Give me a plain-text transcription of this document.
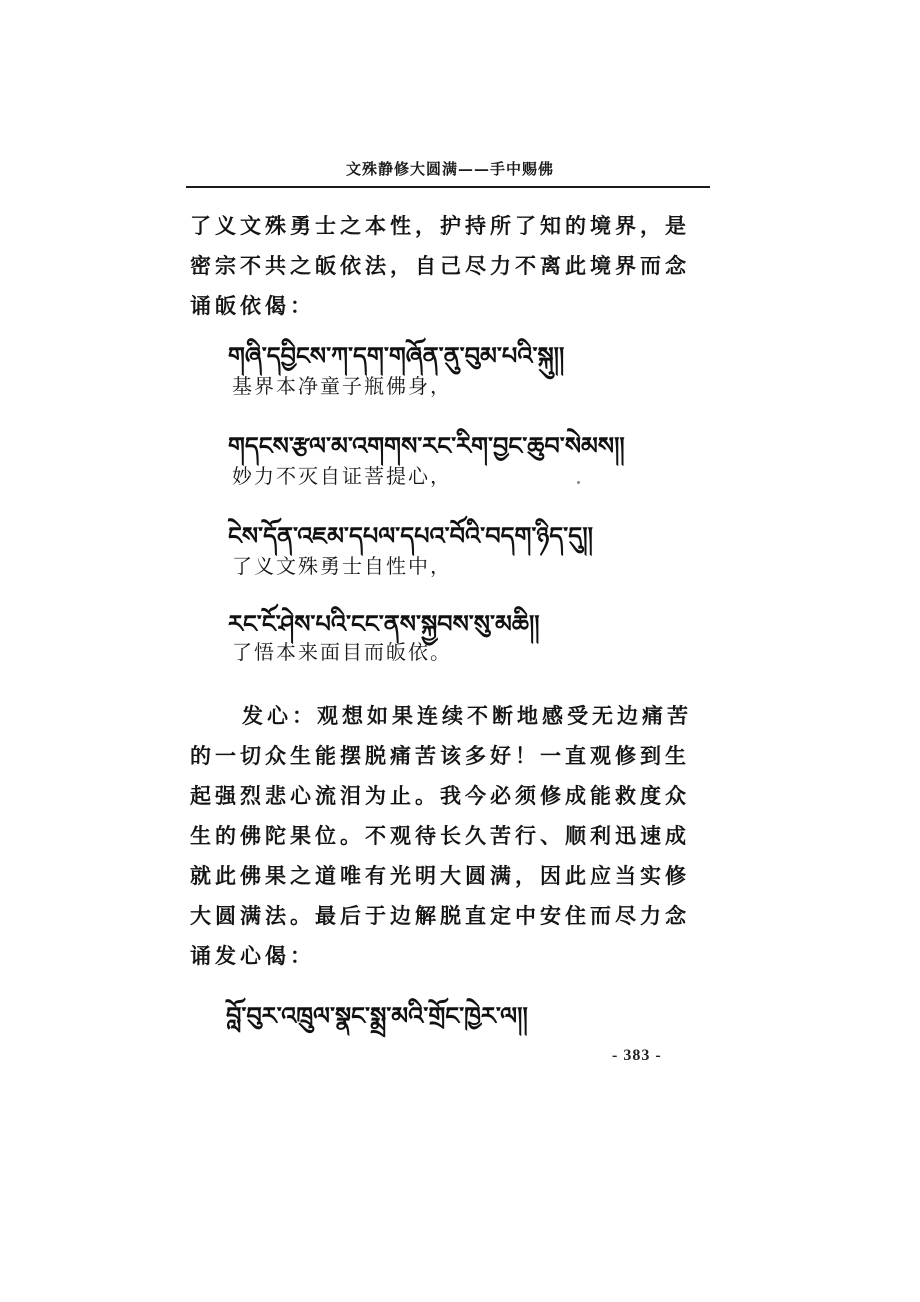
文殊静修大圆满——手中赐佛

了义文殊勇士之本性，护持所了知的境界，是密宗不共之皈依法，自己尽力不离此境界而念诵皈依偈：

གཞི་དབྱིངས་ཀ་དག་གཞོན་ནུ་བུམ་པའི་སྐུ།།
基界本净童子瓶佛身，
གདངས་རྩལ་མ་འགགས་རང་རིག་བྱང་ཆུབ་སེམས།།
妙力不灭自证菩提心，
ངེས་དོན་འཇམ་དཔལ་དཔའ་བོའི་བདག་ཉིད་དུ།།
了义文殊勇士自性中，
རང་ངོ་ཤེས་པའི་ངང་ནས་སྐྱབས་སུ་མཆི།།
了悟本来面目而皈依。

发心：观想如果连续不断地感受无边痛苦的一切众生能摆脱痛苦该多好！一直观修到生起强烈悲心流泪为止。我今必须修成能救度众生的佛陀果位。不观待长久苦行、顺利迅速成就此佛果之道唯有光明大圆满，因此应当实修大圆满法。最后于边解脱直定中安住而尽力念诵发心偈：

བློ་བུར་འཁྲུལ་སྣང་སྨྲ་མའི་གྲོང་ཁྱེར་ལ།།
- 383 -
